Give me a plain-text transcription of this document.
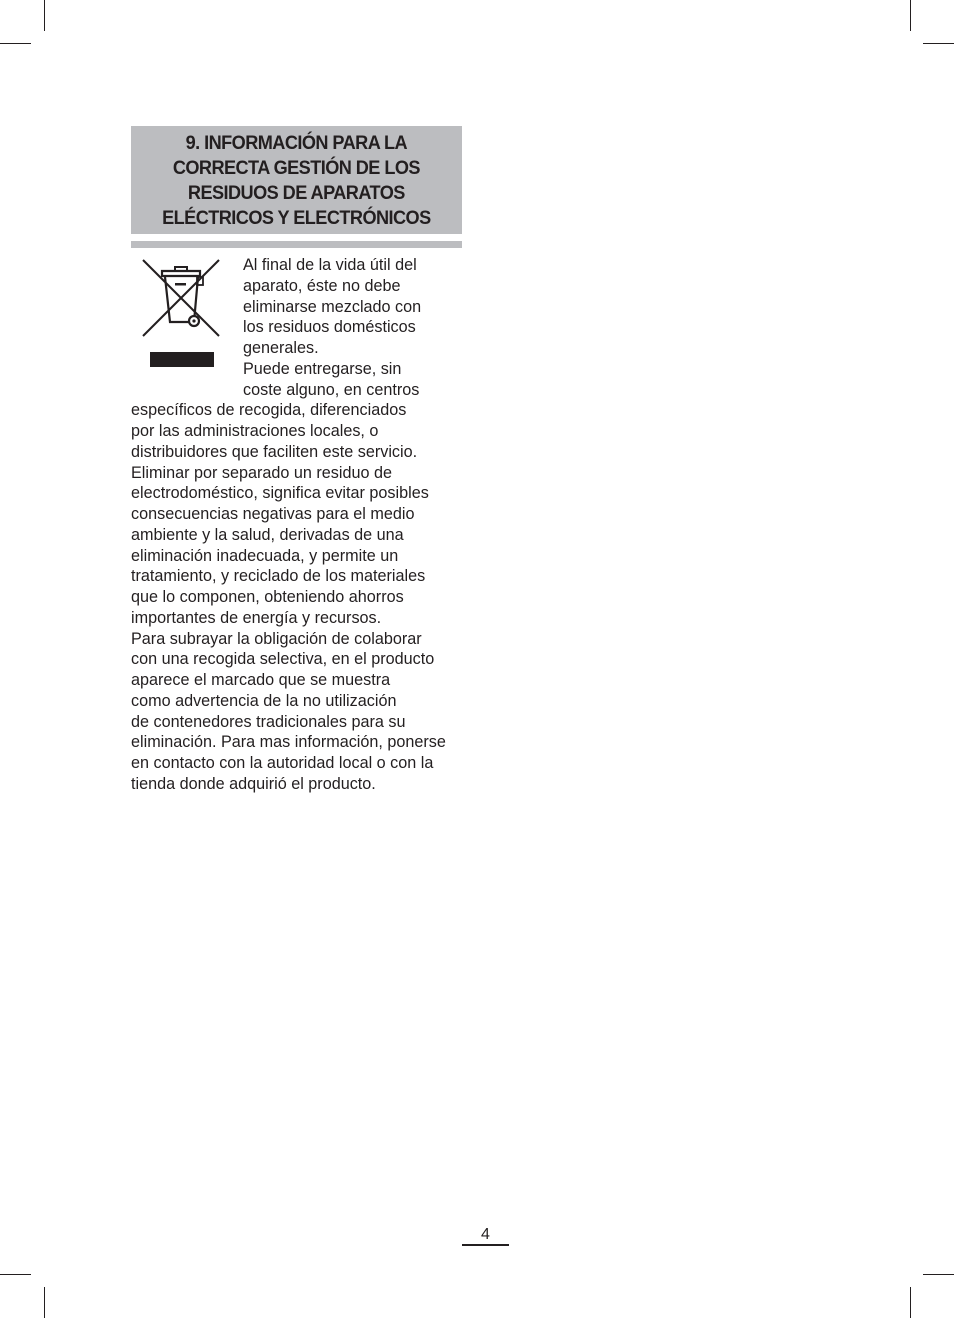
9. INFORMACIÓN PARA LA
CORRECTA GESTIÓN DE LOS
RESIDUOS DE APARATOS
ELÉCTRICOS Y ELECTRÓNICOS

Al final de la vida útil del
aparato, éste no debe
eliminarse mezclado con
los residuos domésticos
generales.
Puede entregarse, sin
coste alguno, en centros
específicos de recogida, diferenciados
por las administraciones locales, o
distribuidores que faciliten este servicio.
Eliminar por separado un residuo de
electrodoméstico, significa evitar posibles
consecuencias negativas para el medio
ambiente y la salud, derivadas de una
eliminación inadecuada, y permite un
tratamiento, y reciclado de los materiales
que lo componen, obteniendo ahorros
importantes de energía y recursos.
Para subrayar la obligación de colaborar
con una recogida selectiva, en el producto
aparece el marcado que se muestra
como advertencia de la no utilización
de contenedores tradicionales para su
eliminación. Para mas información, ponerse
en contacto con la autoridad local o con la
tienda donde adquirió el producto.

4
